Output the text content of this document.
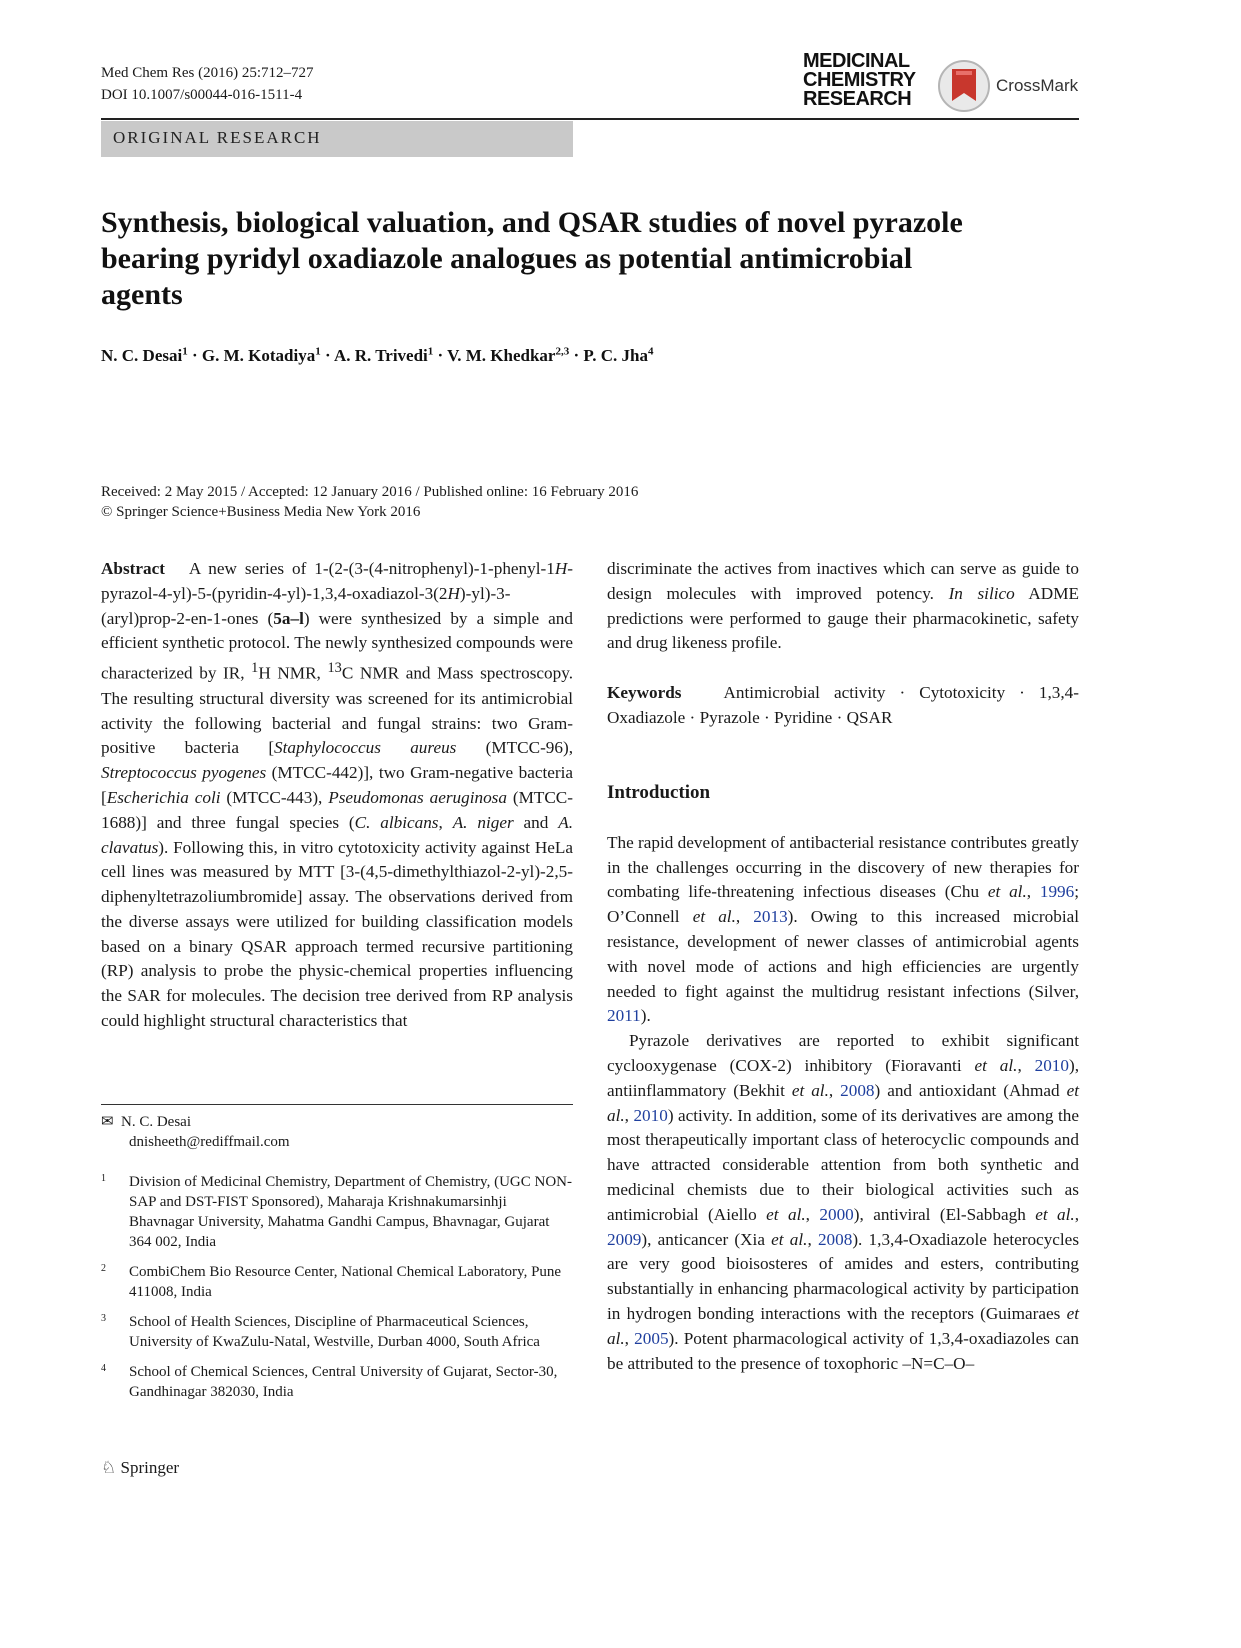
Med Chem Res (2016) 25:712–727
DOI 10.1007/s00044-016-1511-4
MEDICINAL
CHEMISTRY
RESEARCH
CrossMark
ORIGINAL RESEARCH
Synthesis, biological valuation, and QSAR studies of novel pyrazole bearing pyridyl oxadiazole analogues as potential antimicrobial agents
N. C. Desai$^1$ · G. M. Kotadiya$^1$ · A. R. Trivedi$^1$ · V. M. Khedkar$^{2,3}$ · P. C. Jha$^4$
Received: 2 May 2015 / Accepted: 12 January 2016 / Published online: 16 February 2016
© Springer Science+Business Media New York 2016

Abstract A new series of 1-(2-(3-(4-nitrophenyl)-1-phenyl-1H-pyrazol-4-yl)-5-(pyridin-4-yl)-1,3,4-oxadiazol-3(2H)-yl)-3-(aryl)prop-2-en-1-ones (5a–l) were synthesized by a simple and efficient synthetic protocol. The newly synthesized compounds were characterized by IR, $^1$H NMR, $^{13}$C NMR and Mass spectroscopy. The resulting structural diversity was screened for its antimicrobial activity the following bacterial and fungal strains: two Gram-positive bacteria [Staphylococcus aureus (MTCC-96), Streptococcus pyogenes (MTCC-442)], two Gram-negative bacteria [Escherichia coli (MTCC-443), Pseudomonas aeruginosa (MTCC-1688)] and three fungal species (C. albicans, A. niger and A. clavatus). Following this, in vitro cytotoxicity activity against HeLa cell lines was measured by MTT [3-(4,5-dimethylthiazol-2-yl)-2,5-diphenyltetrazoliumbromide] assay. The observations derived from the diverse assays were utilized for building classification models based on a binary QSAR approach termed recursive partitioning (RP) analysis to probe the physic-chemical properties influencing the SAR for molecules. The decision tree derived from RP analysis could highlight structural characteristics that

discriminate the actives from inactives which can serve as guide to design molecules with improved potency. In silico ADME predictions were performed to gauge their pharmacokinetic, safety and drug likeness profile.

Keywords Antimicrobial activity · Cytotoxicity · 1,3,4-Oxadiazole · Pyrazole · Pyridine · QSAR

Introduction

The rapid development of antibacterial resistance contributes greatly in the challenges occurring in the discovery of new therapies for combating life-threatening infectious diseases (Chu et al., 1996; O’Connell et al., 2013). Owing to this increased microbial resistance, development of newer classes of antimicrobial agents with novel mode of actions and high efficiencies are urgently needed to fight against the multidrug resistant infections (Silver, 2011).

Pyrazole derivatives are reported to exhibit significant cyclooxygenase (COX-2) inhibitory (Fioravanti et al., 2010), antiinflammatory (Bekhit et al., 2008) and antioxidant (Ahmad et al., 2010) activity. In addition, some of its derivatives are among the most therapeutically important class of heterocyclic compounds and have attracted considerable attention from both synthetic and medicinal chemists due to their biological activities such as antimicrobial (Aiello et al., 2000), antiviral (El-Sabbagh et al., 2009), anticancer (Xia et al., 2008). 1,3,4-Oxadiazole heterocycles are very good bioisosteres of amides and esters, contributing substantially in enhancing pharmacological activity by participation in hydrogen bonding interactions with the receptors (Guimaraes et al., 2005). Potent pharmacological activity of 1,3,4-oxadiazoles can be attributed to the presence of toxophoric –N=C–O–

✉ N. C. Desai
dnisheeth@rediffmail.com
1 Division of Medicinal Chemistry, Department of Chemistry, (UGC NON-SAP and DST-FIST Sponsored), Maharaja Krishnakumarsinhji Bhavnagar University, Mahatma Gandhi Campus, Bhavnagar, Gujarat 364 002, India
2 CombiChem Bio Resource Center, National Chemical Laboratory, Pune 411008, India
3 School of Health Sciences, Discipline of Pharmaceutical Sciences, University of KwaZulu-Natal, Westville, Durban 4000, South Africa
4 School of Chemical Sciences, Central University of Gujarat, Sector-30, Gandhinagar 382030, India
♘ Springer
